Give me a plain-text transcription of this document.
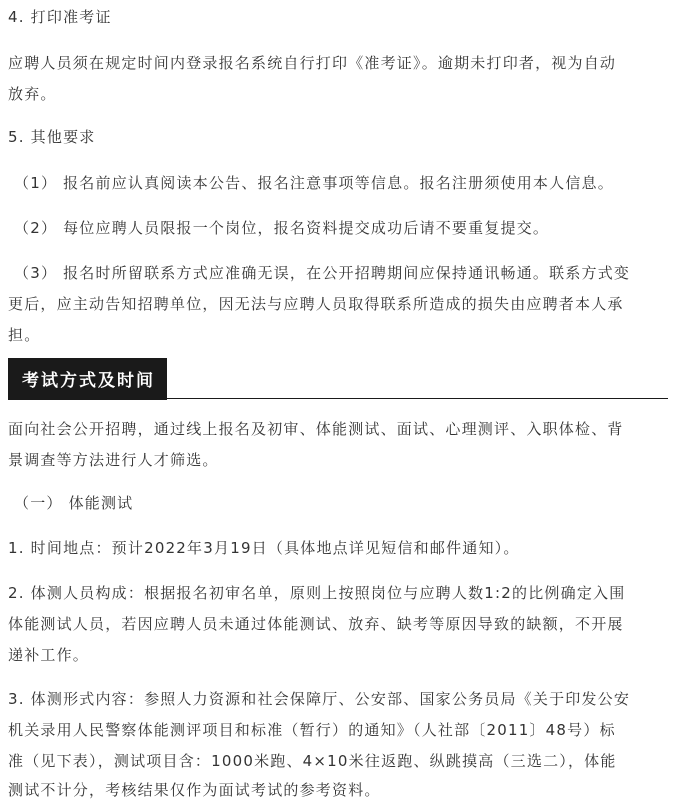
4. 打印准考证

应聘人员须在规定时间内登录报名系统自行打印《准考证》。逾期未打印者，视为自动

放弃。

5. 其他要求

（1） 报名前应认真阅读本公告、报名注意事项等信息。报名注册须使用本人信息。

（2） 每位应聘人员限报一个岗位，报名资料提交成功后请不要重复提交。

（3） 报名时所留联系方式应准确无误，在公开招聘期间应保持通讯畅通。联系方式变

更后，应主动告知招聘单位，因无法与应聘人员取得联系所造成的损失由应聘者本人承

担。

考试方式及时间

面向社会公开招聘，通过线上报名及初审、体能测试、面试、心理测评、入职体检、背

景调查等方法进行人才筛选。

（一） 体能测试

1. 时间地点：预计2022年3月19日（具体地点详见短信和邮件通知）。

2. 体测人员构成：根据报名初审名单，原则上按照岗位与应聘人数1:2的比例确定入围

体能测试人员，若因应聘人员未通过体能测试、放弃、缺考等原因导致的缺额，不开展

递补工作。

3. 体测形式内容：参照人力资源和社会保障厅、公安部、国家公务员局《关于印发公安

机关录用人民警察体能测评项目和标准（暂行）的通知》（人社部〔2011〕48号）标

准（见下表），测试项目含：1000米跑、4×10米往返跑、纵跳摸高（三选二），体能

测试不计分，考核结果仅作为面试考试的参考资料。
